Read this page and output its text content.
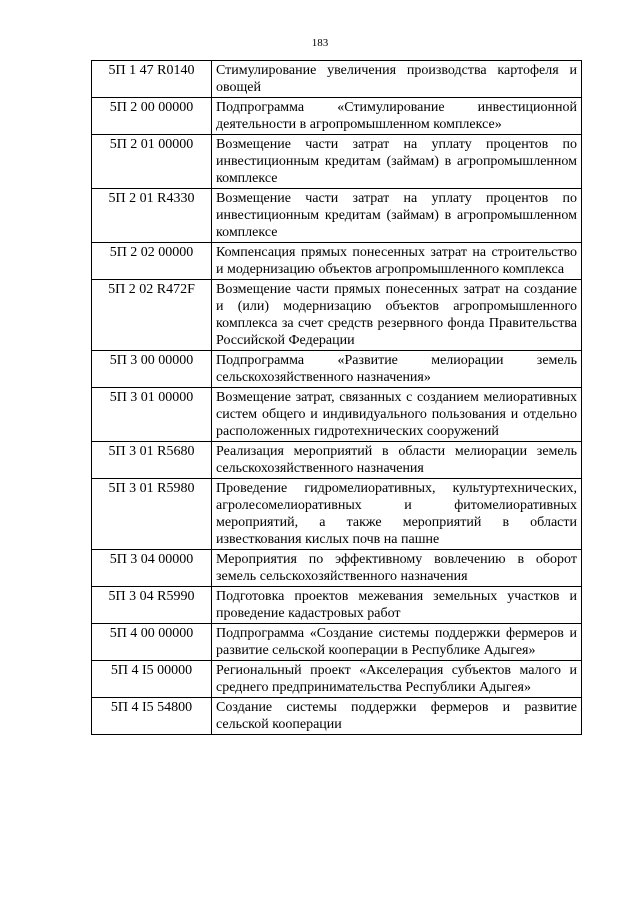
183
5П 1 47 R0140	Стимулирование увеличения производства картофеля и овощей
5П 2 00 00000	Подпрограмма «Стимулирование инвестиционной деятельности в агропромышленном комплексе»
5П 2 01 00000	Возмещение части затрат на уплату процентов по инвестиционным кредитам (займам) в агропромышленном комплексе
5П 2 01 R4330	Возмещение части затрат на уплату процентов по инвестиционным кредитам (займам) в агропромышленном комплексе
5П 2 02 00000	Компенсация прямых понесенных затрат на строительство и модернизацию объектов агропромышленного комплекса
5П 2 02 R472F	Возмещение части прямых понесенных затрат на создание и (или) модернизацию объектов агропромышленного комплекса за счет средств резервного фонда Правительства Российской Федерации
5П 3 00 00000	Подпрограмма «Развитие мелиорации земель сельскохозяйственного назначения»
5П 3 01 00000	Возмещение затрат, связанных с созданием мелиоративных систем общего и индивидуального пользования и отдельно расположенных гидротехнических сооружений
5П 3 01 R5680	Реализация мероприятий в области мелиорации земель сельскохозяйственного назначения
5П 3 01 R5980	Проведение гидромелиоративных, культуртехнических, агролесомелиоративных и фитомелиоративных мероприятий, а также мероприятий в области известкования кислых почв на пашне
5П 3 04 00000	Мероприятия по эффективному вовлечению в оборот земель сельскохозяйственного назначения
5П 3 04 R5990	Подготовка проектов межевания земельных участков и проведение кадастровых работ
5П 4 00 00000	Подпрограмма «Создание системы поддержки фермеров и развитие сельской кооперации в Республике Адыгея»
5П 4 I5 00000	Региональный проект «Акселерация субъектов малого и среднего предпринимательства Республики Адыгея»
5П 4 I5 54800	Создание системы поддержки фермеров и развитие сельской кооперации
